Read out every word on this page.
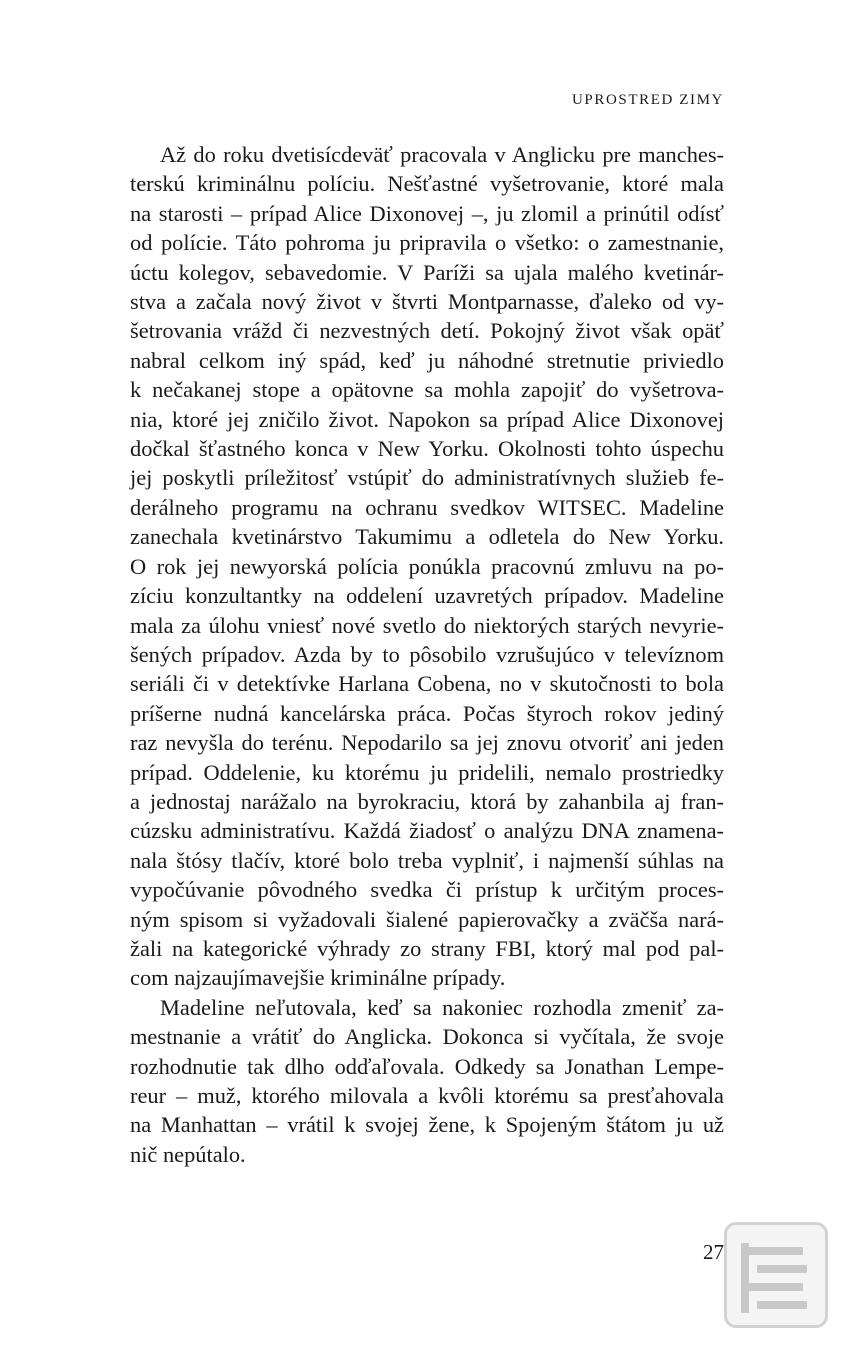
UPROSTRED ZIMY
Až do roku dvetisícdeväť pracovala v Anglicku pre manches-
terskú kriminálnu políciu. Nešťastné vyšetrovanie, ktoré mala
na starosti – prípad Alice Dixonovej –, ju zlomil a prinútil odísť
od polície. Táto pohroma ju pripravila o všetko: o zamestnanie,
úctu kolegov, sebavedomie. V Paríži sa ujala malého kvetinár-
stva a začala nový život v štvrti Montparnasse, ďaleko od vy-
šetrovania vrážd či nezvestných detí. Pokojný život však opäť
nabral celkom iný spád, keď ju náhodné stretnutie priviedlo
k nečakanej stope a opätovne sa mohla zapojiť do vyšetrova-
nia, ktoré jej zničilo život. Napokon sa prípad Alice Dixonovej
dočkal šťastného konca v New Yorku. Okolnosti tohto úspechu
jej poskytli príležitosť vstúpiť do administratívnych služieb fe-
derálneho programu na ochranu svedkov WITSEC. Madeline
zanechala kvetinárstvo Takumimu a odletela do New Yorku.
O rok jej newyorská polícia ponúkla pracovnú zmluvu na po-
zíciu konzultantky na oddelení uzavretých prípadov. Madeline
mala za úlohu vniesť nové svetlo do niektorých starých nevyrie-
šených prípadov. Azda by to pôsobilo vzrušujúco v televíznom
seriáli či v detektívke Harlana Cobena, no v skutočnosti to bola
príšerne nudná kancelárska práca. Počas štyroch rokov jediný
raz nevyšla do terénu. Nepodarilo sa jej znovu otvoriť ani jeden
prípad. Oddelenie, ku ktorému ju pridelili, nemalo prostriedky
a jednostaj narážalo na byrokraciu, ktorá by zahanbila aj fran-
cúzsku administratívu. Každá žiadosť o analýzu DNA znamena-
nala štósy tlačív, ktoré bolo treba vyplniť, i najmenší súhlas na
vypočúvanie pôvodného svedka či prístup k určitým proces-
ným spisom si vyžadovali šialené papierovačky a zväčša nará-
žali na kategorické výhrady zo strany FBI, ktorý mal pod pal-
com najzaujímavejšie kriminálne prípady.
Madeline neľutovala, keď sa nakoniec rozhodla zmeniť za-
mestnanie a vrátiť do Anglicka. Dokonca si vyčítala, že svoje
rozhodnutie tak dlho odďaľovala. Odkedy sa Jonathan Lempe-
reur – muž, ktorého milovala a kvôli ktorému sa presťahovala
na Manhattan – vrátil k svojej žene, k Spojeným štátom ju už
nič nepútalo.
27
